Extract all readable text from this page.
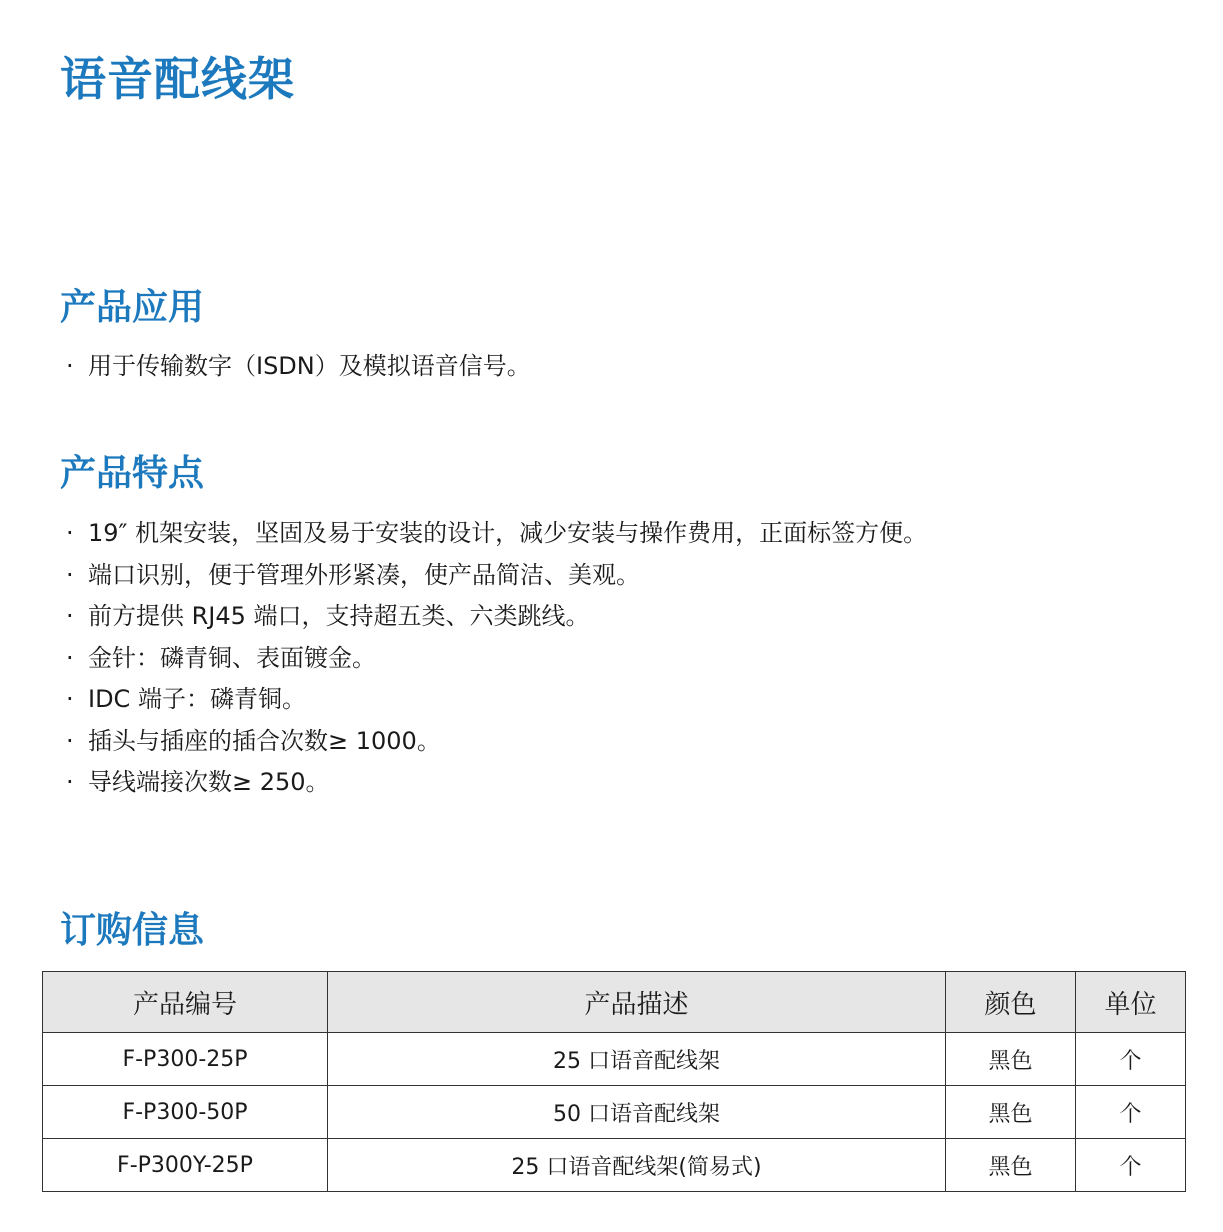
语音配线架
产品应用
· 用于传输数字（ISDN）及模拟语音信号。
产品特点
· 19″ 机架安装，坚固及易于安装的设计，减少安装与操作费用，正面标签方便。
· 端口识别，便于管理外形紧凑，使产品简洁、美观。
· 前方提供 RJ45 端口，支持超五类、六类跳线。
· 金针：磷青铜、表面镀金。
· IDC 端子：磷青铜。
· 插头与插座的插合次数≥ 1000。
· 导线端接次数≥ 250。
订购信息
产品编号	产品描述	颜色	单位
F-P300-25P	25 口语音配线架	黑色	个
F-P300-50P	50 口语音配线架	黑色	个
F-P300Y-25P	25 口语音配线架(简易式)	黑色	个
